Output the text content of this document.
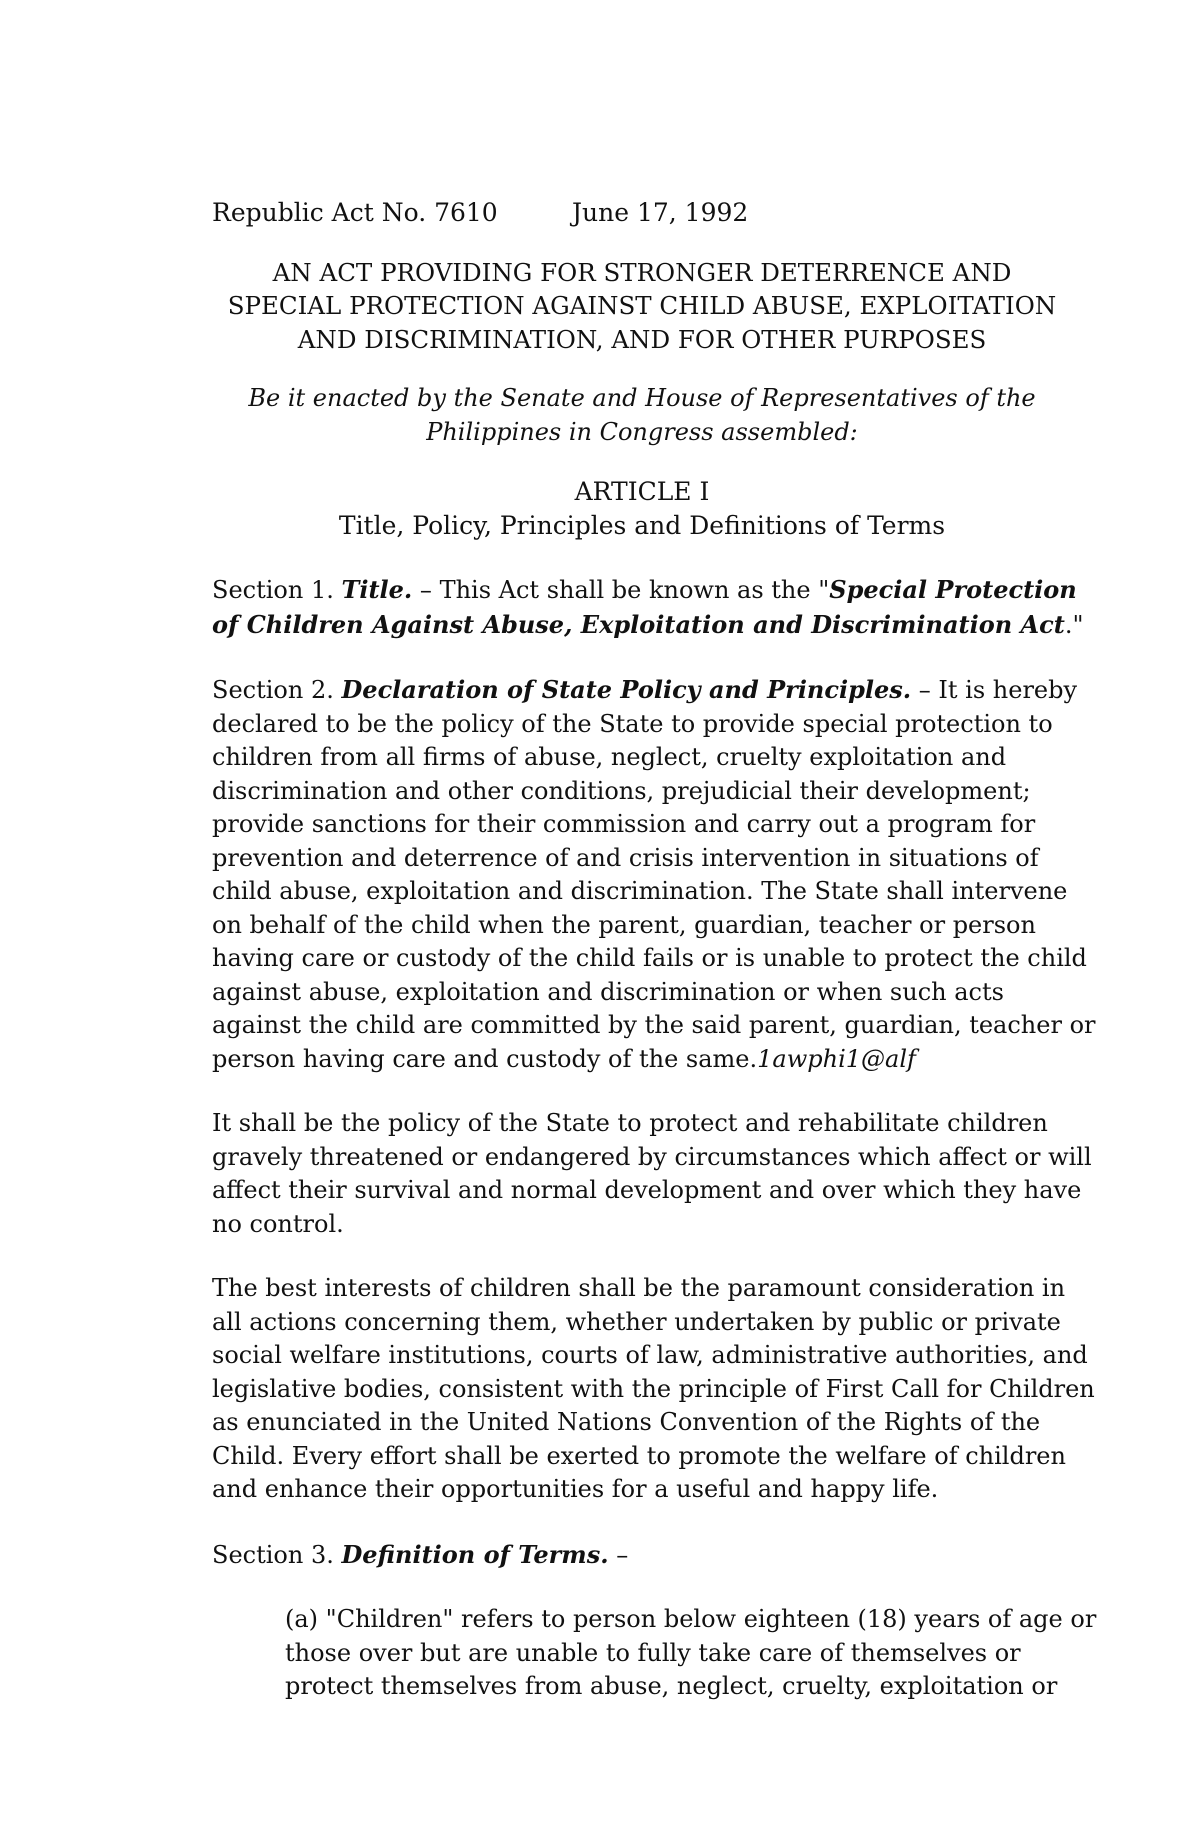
Republic Act No. 7610	June 17, 1992
AN ACT PROVIDING FOR STRONGER DETERRENCE AND
SPECIAL PROTECTION AGAINST CHILD ABUSE, EXPLOITATION
AND DISCRIMINATION, AND FOR OTHER PURPOSES
Be it enacted by the Senate and House of Representatives of the
Philippines in Congress assembled:
ARTICLE I
Title, Policy, Principles and Definitions of Terms
Section 1. Title. – This Act shall be known as the "Special Protection
of Children Against Abuse, Exploitation and Discrimination Act."
Section 2. Declaration of State Policy and Principles. – It is hereby
declared to be the policy of the State to provide special protection to
children from all firms of abuse, neglect, cruelty exploitation and
discrimination and other conditions, prejudicial their development;
provide sanctions for their commission and carry out a program for
prevention and deterrence of and crisis intervention in situations of
child abuse, exploitation and discrimination. The State shall intervene
on behalf of the child when the parent, guardian, teacher or person
having care or custody of the child fails or is unable to protect the child
against abuse, exploitation and discrimination or when such acts
against the child are committed by the said parent, guardian, teacher or
person having care and custody of the same.1awphi1@alf
It shall be the policy of the State to protect and rehabilitate children
gravely threatened or endangered by circumstances which affect or will
affect their survival and normal development and over which they have
no control.
The best interests of children shall be the paramount consideration in
all actions concerning them, whether undertaken by public or private
social welfare institutions, courts of law, administrative authorities, and
legislative bodies, consistent with the principle of First Call for Children
as enunciated in the United Nations Convention of the Rights of the
Child. Every effort shall be exerted to promote the welfare of children
and enhance their opportunities for a useful and happy life.
Section 3. Definition of Terms. –
(a) "Children" refers to person below eighteen (18) years of age or
those over but are unable to fully take care of themselves or
protect themselves from abuse, neglect, cruelty, exploitation or
